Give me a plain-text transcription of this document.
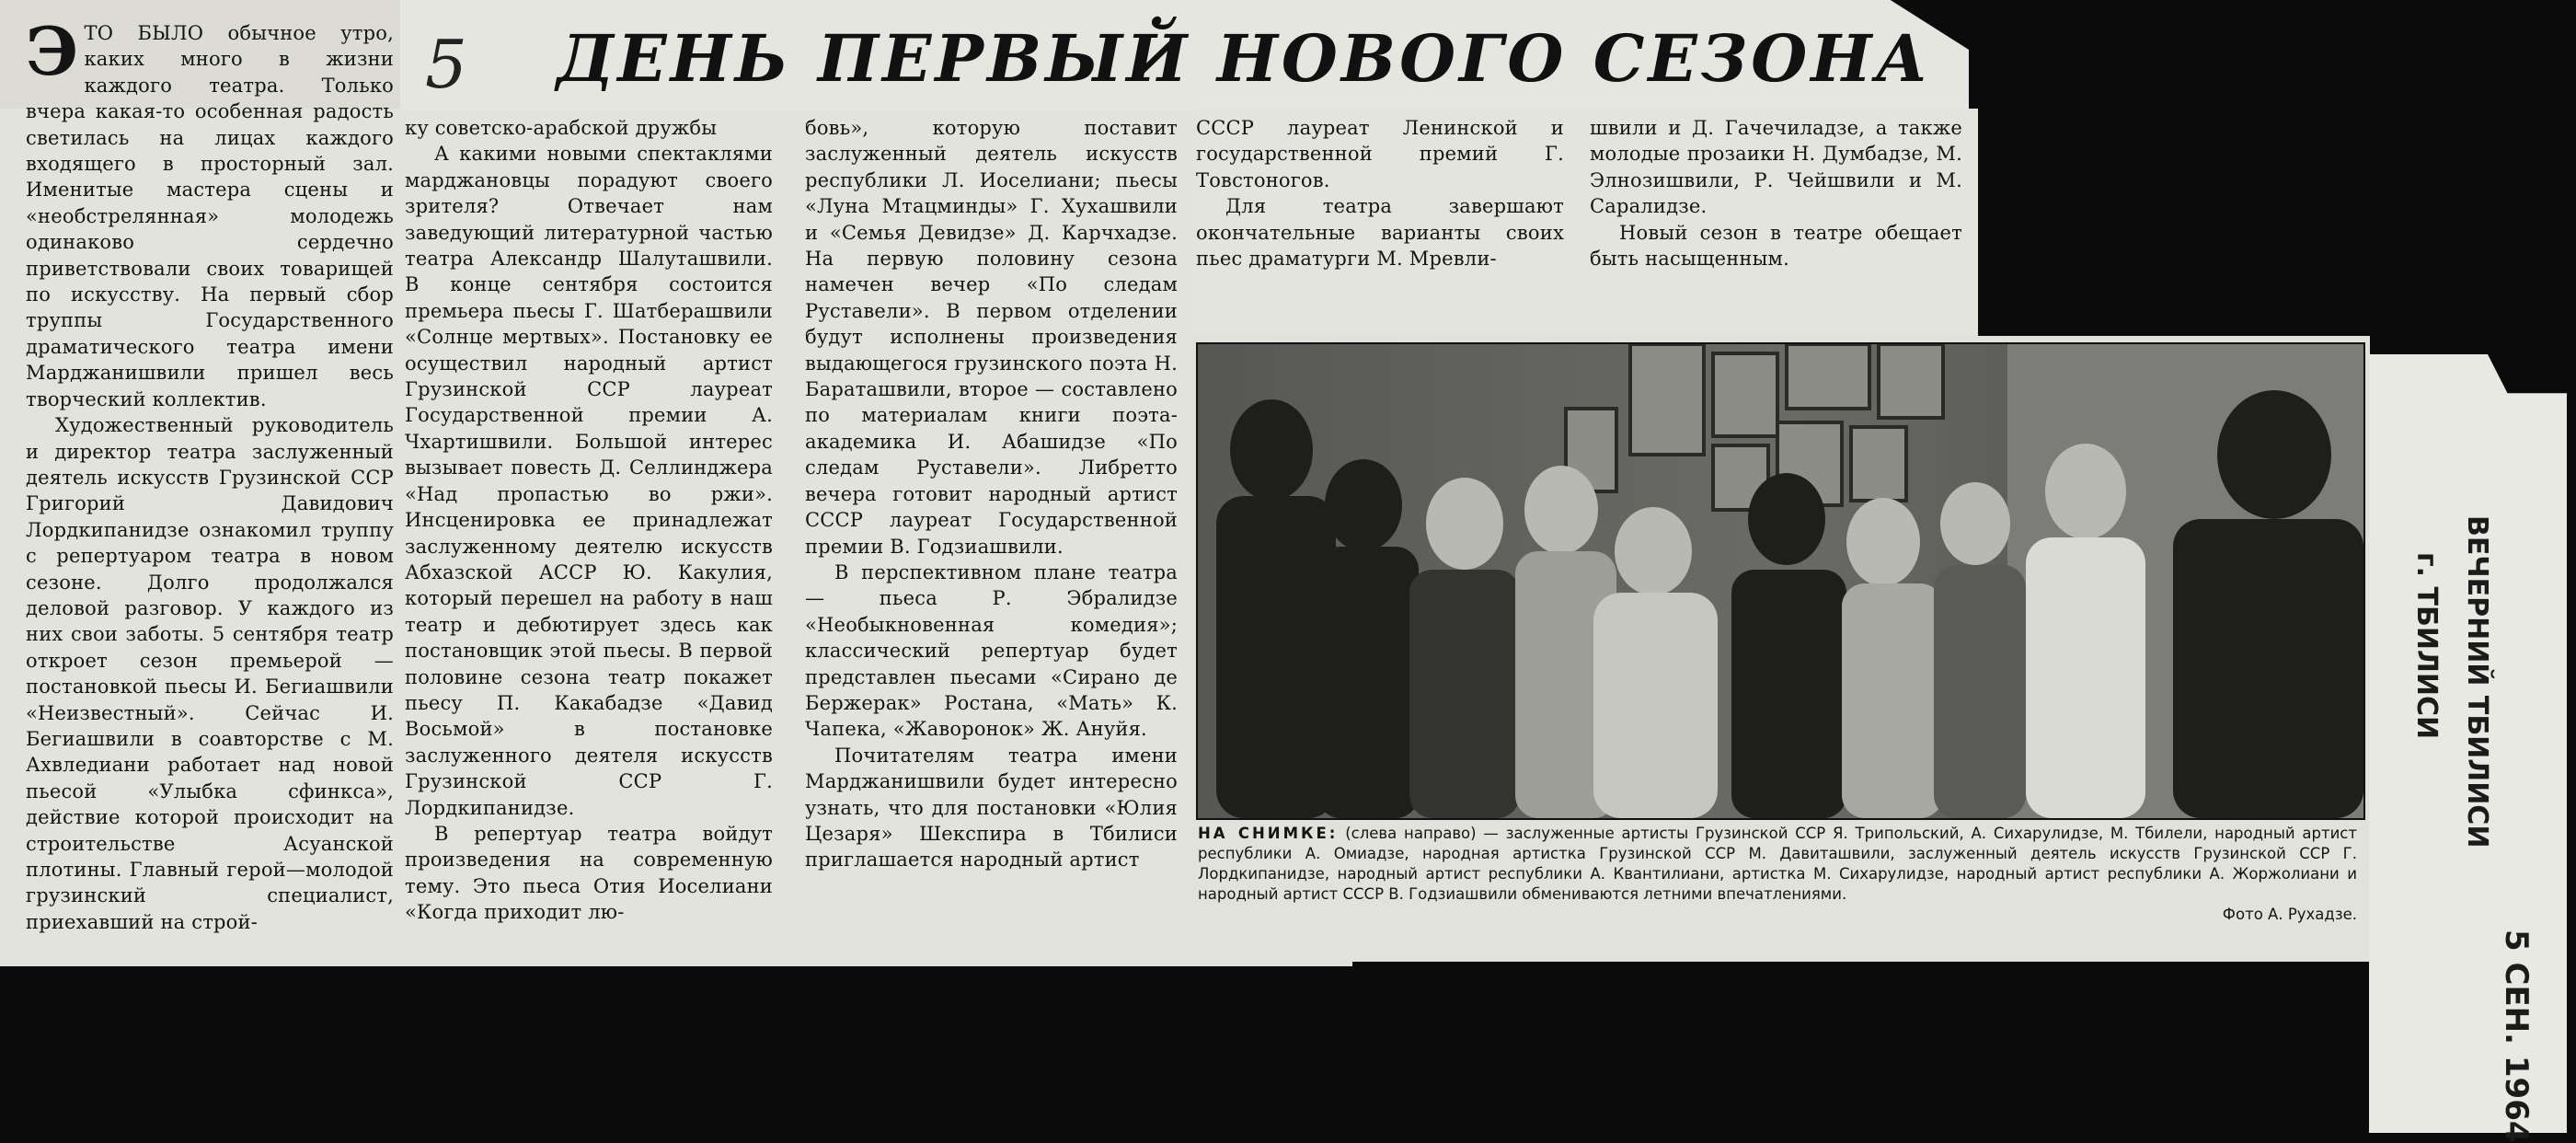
5 ДЕНЬ ПЕРВЫЙ НОВОГО СЕЗОНА
Э ТО БЫЛО обычное утро, каких много в жизни каждого театра. Только вчера какая-то особенная радость светилась на лицах каждого входящего в просторный зал. Именитые мастера сцены и «необстрелянная» молодежь одинаково сердечно приветствовали своих товарищей по искусству. На первый сбор труппы Государственного драматического театра имени Марджанишвили пришел весь творческий коллектив.

Художественный руководитель и директор театра заслуженный деятель искусств Грузинской ССР Григорий Давидович Лордкипанидзе ознакомил труппу с репертуаром театра в новом сезоне. Долго продолжался деловой разговор. У каждого из них свои заботы. 5 сентября театр откроет сезон премьерой — постановкой пьесы И. Бегиашвили «Неизвестный». Сейчас И. Бегиашвили в соавторстве с М. Ахвледиани работает над новой пьесой «Улыбка сфинкса», действие которой происходит на строительстве Асуанской плотины. Главный герой—молодой грузинский специалист, приехавший на строй-

ку советско-арабской дружбы

А какими новыми спектаклями марджановцы порадуют своего зрителя? Отвечает нам заведующий литературной частью театра Александр Шалуташвили. В конце сентября состоится премьера пьесы Г. Шатберашвили «Солнце мертвых». Постановку ее осуществил народный артист Грузинской ССР лауреат Государственной премии А. Чхартишвили. Большой интерес вызывает повесть Д. Селлинджера «Над пропастью во ржи». Инсценировка ее принадлежат заслуженному деятелю искусств Абхазской АССР Ю. Какулия, который перешел на работу в наш театр и дебютирует здесь как постановщик этой пьесы. В первой половине сезона театр покажет пьесу П. Какабадзе «Давид Восьмой» в постановке заслуженного деятеля искусств Грузинской ССР Г. Лордкипанидзе.

В репертуар театра войдут произведения на современную тему. Это пьеса Отия Иоселиани «Когда приходит лю-

бовь», которую поставит заслуженный деятель искусств республики Л. Иоселиани; пьесы «Луна Мтацминды» Г. Хухашвили и «Семья Девидзе» Д. Карчхадзе. На первую половину сезона намечен вечер «По следам Руставели». В первом отделении будут исполнены произведения выдающегося грузинского поэта Н. Бараташвили, второе — составлено по материалам книги поэта-академика И. Абашидзе «По следам Руставели». Либретто вечера готовит народный артист СССР лауреат Государственной премии В. Годзиашвили.

В перспективном плане театра — пьеса Р. Эбралидзе «Необыкновенная комедия»; классический репертуар будет представлен пьесами «Сирано де Бержерак» Ростана, «Мать» К. Чапека, «Жаворонок» Ж. Ануйя.

Почитателям театра имени Марджанишвили будет интересно узнать, что для постановки «Юлия Цезаря» Шекспира в Тбилиси приглашается народный артист

СССР лауреат Ленинской и государственной премий Г. Товстоногов.

Для театра завершают окончательные варианты своих пьес драматурги М. Мревли-

швили и Д. Гачечиладзе, а также молодые прозаики Н. Думбадзе, М. Элнозишвили, Р. Чейшвили и М. Саралидзе.

Новый сезон в театре обещает быть насыщенным.

НА СНИМКЕ: (слева направо) — заслуженные артисты Грузинской ССР Я. Трипольский, А. Сихарулидзе, М. Тбилели, народный артист республики А. Омиадзе, народная артистка Грузинской ССР М. Давиташвили, заслуженный деятель искусств Грузинской ССР Г. Лордкипанидзе, народный артист республики А. Квантилиани, артистка М. Сихарулидзе, народный артист республики А. Жоржолиани и народный артист СССР В. Годзиашвили обмениваются летними впечатлениями.
Фото А. Рухадзе.
ВЕЧЕРНИЙ ТБИЛИСИ
г. ТБИЛИСИ
5 СЕН. 1964
